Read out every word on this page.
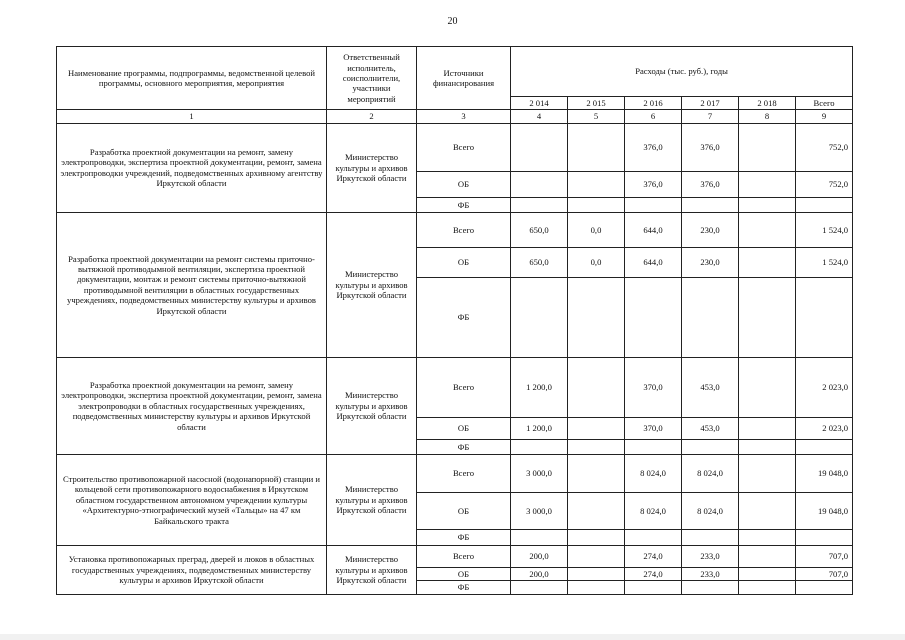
20
Наименование программы, подпрограммы, ведомственной целевой программы, основного мероприятия, мероприятия	Ответственный исполнитель, соисполнители, участники мероприятий	Источники финансирования	Расходы (тыс. руб.), годы					
			2 014	2 015	2 016	2 017	2 018	Всего
1	2	3	4	5	6	7	8	9
Разработка проектной документации на ремонт, замену электропроводки, экспертиза проектной документации, ремонт, замена электропроводки учреждений, подведомственных архивному агентству Иркутской области	Министерство культуры и архивов Иркутской области	Всего			376,0	376,0		752,0
		ОБ			376,0	376,0		752,0
		ФБ						
Разработка проектной документации на ремонт системы приточно-вытяжной противодымной вентиляции, экспертиза проектной документации, монтаж и ремонт системы приточно-вытяжной противодымной вентиляции в областных государственных учреждениях, подведомственных министерству культуры и архивов Иркутской области	Министерство культуры и архивов Иркутской области	Всего	650,0	0,0	644,0	230,0		1 524,0
		ОБ	650,0	0,0	644,0	230,0		1 524,0
		ФБ						
Разработка проектной документации на ремонт, замену электропроводки, экспертиза проектной документации, ремонт, замена электропроводки в областных государственных учреждениях, подведомственных министерству культуры и архивов Иркутской области	Министерство культуры и архивов Иркутской области	Всего	1 200,0		370,0	453,0		2 023,0
		ОБ	1 200,0		370,0	453,0		2 023,0
		ФБ						
Строительство противопожарной насосной (водонапорной) станции и кольцевой сети противопожарного водоснабжения в Иркутском областном государственном автономном учреждении культуры «Архитектурно-этнографический музей «Тальцы» на 47 км Байкальского тракта	Министерство культуры и архивов Иркутской области	Всего	3 000,0		8 024,0	8 024,0		19 048,0
		ОБ	3 000,0		8 024,0	8 024,0		19 048,0
		ФБ						
Установка противопожарных преград, дверей и люков в областных государственных учреждениях, подведомственных министерству культуры и архивов Иркутской области	Министерство культуры и архивов Иркутской области	Всего	200,0		274,0	233,0		707,0
		ОБ	200,0		274,0	233,0		707,0
		ФБ						
